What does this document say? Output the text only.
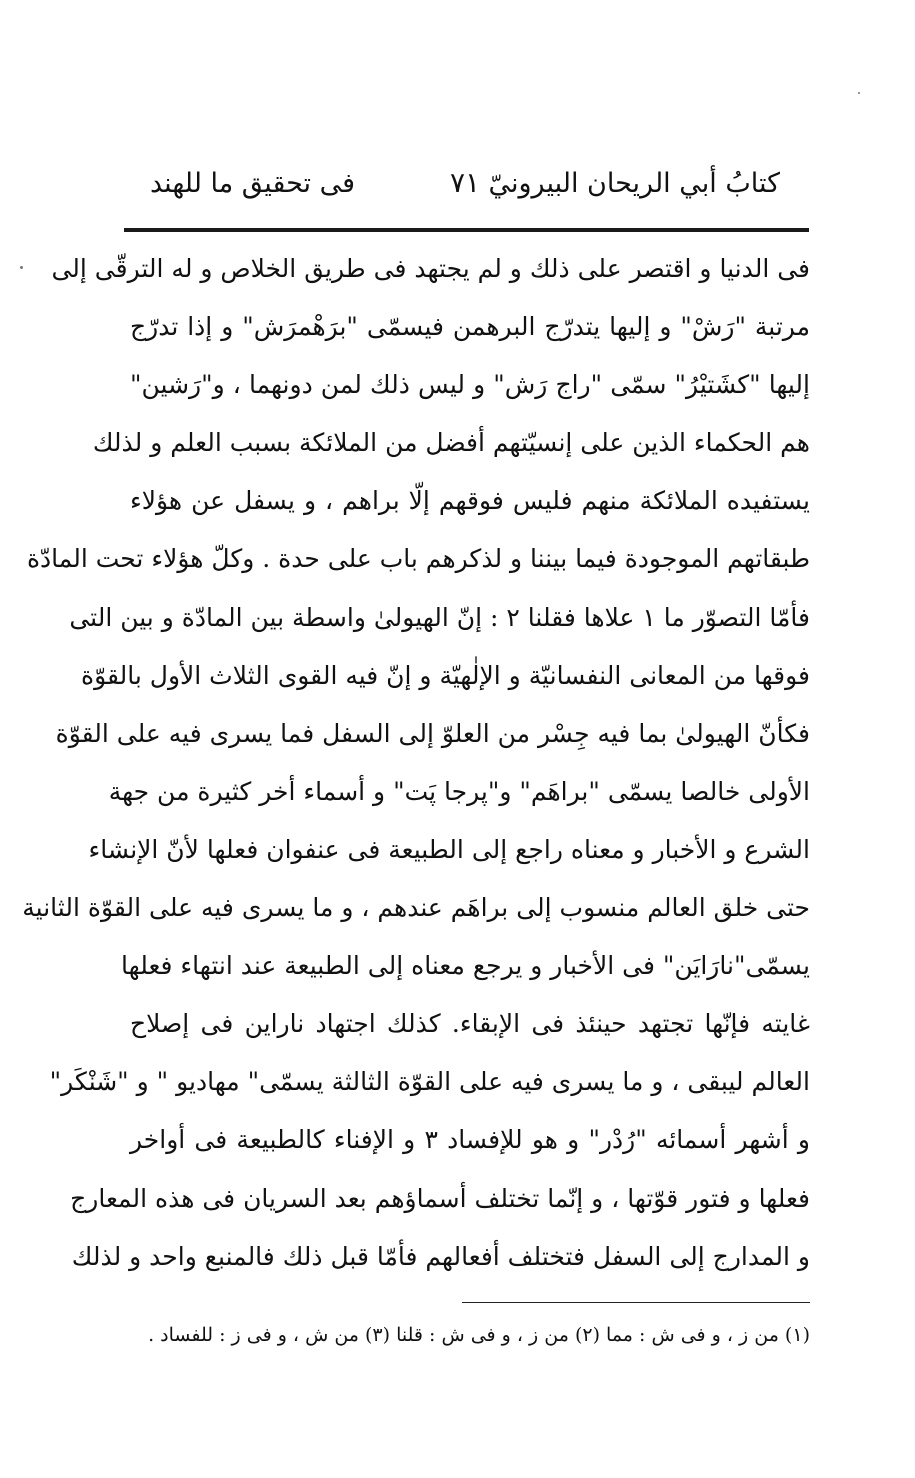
كتابُ أبي الريحان البيرونيّ
٧١
فى تحقيق ما للهند
فى الدنيا و اقتصر على ذلك و لم يجتهد فى طريق الخلاص و له الترقّى إلى
مرتبة "رَشْ" و إليها يتدرّج البرهمن فيسمّى "برَهْمرَش" و إذا تدرّج
إليها "كشَتيْرُ" سمّى "راج رَش" و ليس ذلك لمن دونهما ، و"رَشين"
هم الحكماء الذين على إنسيّتهم أفضل من الملائكة بسبب العلم و لذلك
يستفيده الملائكة منهم فليس فوقهم إلّا براهم ، و يسفل عن هؤلاء
طبقاتهم الموجودة فيما بيننا و لذكرهم باب على حدة . وكلّ هؤلاء تحت المادّة
فأمّا التصوّر ما ١ علاها فقلنا ٢ : إنّ الهيولىٰ واسطة بين المادّة و بين التى
فوقها من المعانى النفسانيّة و الإلٰهيّة و إنّ فيه القوى الثلاث الأول بالقوّة
فكأنّ الهيولىٰ بما فيه جِسْر من العلوّ إلى السفل فما يسرى فيه على القوّة
الأولى خالصا يسمّى "براهَم" و"پرجا پَت" و أسماء أخر كثيرة من جهة
الشرع و الأخبار و معناه راجع إلى الطبيعة فى عنفوان فعلها لأنّ الإنشاء
حتى خلق العالم منسوب إلى براهَم عندهم ، و ما يسرى فيه على القوّة الثانية
يسمّى"نارَايَن" فى الأخبار و يرجع معناه إلى الطبيعة عند انتهاء فعلها
غايته فإنّها تجتهد حينئذ فى الإبقاء. كذلك اجتهاد ناراين فى إصلاح
العالم ليبقى ، و ما يسرى فيه على القوّة الثالثة يسمّى" مهاديو " و "شَنْكَر"
و أشهر أسمائه "رُدْر" و هو للإفساد ٣ و الإفناء كالطبيعة فى أواخر
فعلها و فتور قوّتها ، و إنّما تختلف أسماؤهم بعد السريان فى هذه المعارج
و المدارج إلى السفل فتختلف أفعالهم فأمّا قبل ذلك فالمنبع واحد و لذلك
(١) من ز ، و فى ش : مما (٢) من ز ، و فى ش : قلنا (٣) من ش ، و فى ز : للفساد .
